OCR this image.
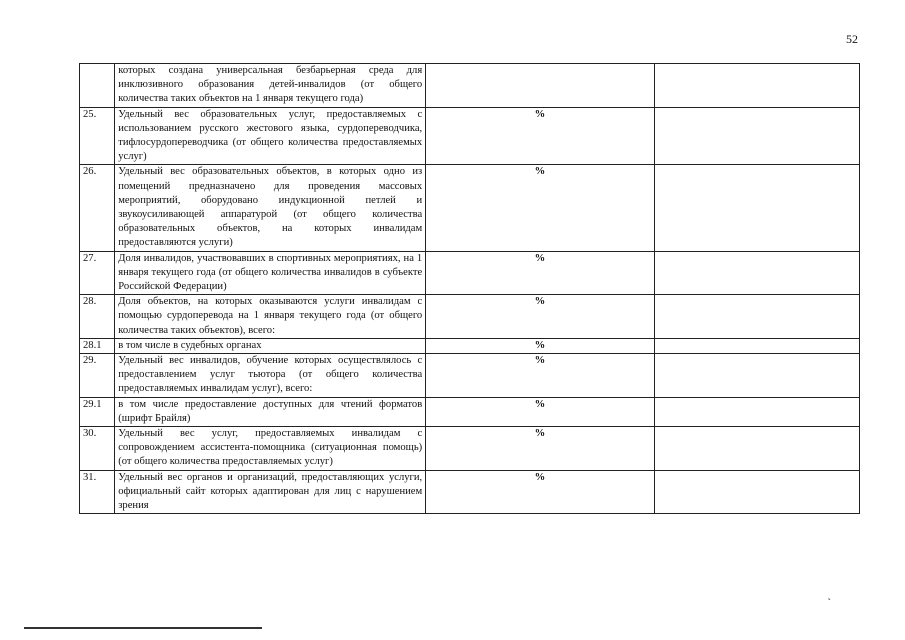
52
	которых создана универсальная безбарьерная среда для инклюзивного образования детей-инвалидов (от общего количества таких объектов на 1 января текущего года)		
25.	Удельный вес образовательных услуг, предоставляемых с использованием русского жестового языка, сурдопереводчика, тифлосурдопереводчика (от общего количества предоставляемых услуг)	%	
26.	Удельный вес образовательных объектов, в которых одно из помещений предназначено для проведения массовых мероприятий, оборудовано индукционной петлей и звукоусиливающей аппаратурой (от общего количества образовательных объектов, на которых инвалидам предоставляются услуги)	%	
27.	Доля инвалидов, участвовавших в спортивных мероприятиях, на 1 января текущего года (от общего количества инвалидов в субъекте Российской Федерации)	%	
28.	Доля объектов, на которых оказываются услуги инвалидам с помощью сурдоперевода на 1 января текущего года (от общего количества таких объектов), всего:	%	
28.1	в том числе в судебных органах	%	
29.	Удельный вес инвалидов, обучение которых осуществлялось с предоставлением услуг тьютора (от общего количества предоставляемых инвалидам услуг), всего:	%	
29.1	в том числе предоставление доступных для чтений форматов (шрифт Брайля)	%	
30.	Удельный вес услуг, предоставляемых инвалидам с сопровождением ассистента-помощника (ситуационная помощь) (от общего количества предоставляемых услуг)	%	
31.	Удельный вес органов и организаций, предоставляющих услуги, официальный сайт которых адаптирован для лиц с нарушением зрения	%	
˛
